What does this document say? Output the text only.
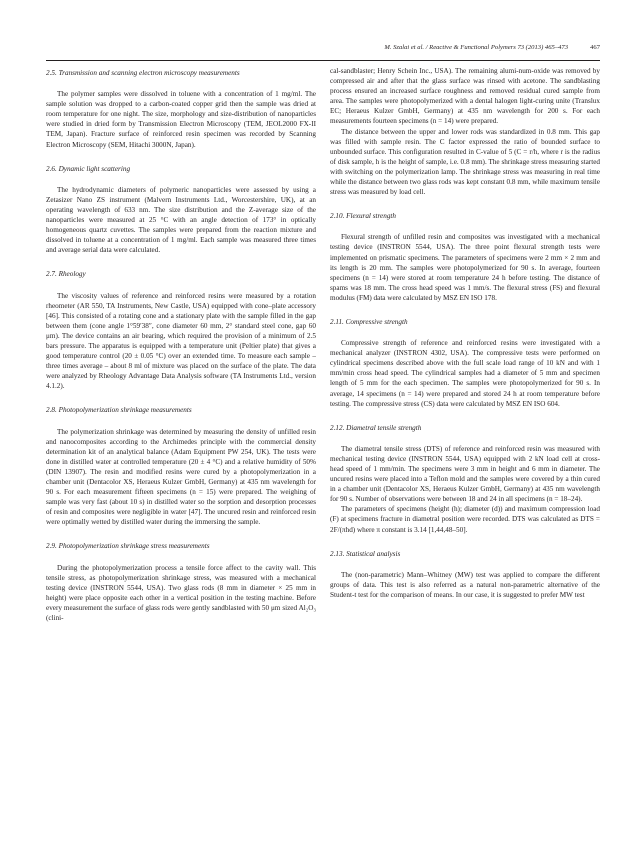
M. Szalai et al. / Reactive & Functional Polymers 73 (2013) 465–473	467
2.5. Transmission and scanning electron microscopy measurements

The polymer samples were dissolved in toluene with a concentration of 1 mg/ml. The sample solution was dropped to a carbon-coated copper grid then the sample was dried at room temperature for one night. The size, morphology and size-distribution of nanoparticles were studied in dried form by Transmission Electron Microscopy (TEM, JEOL2000 FX-II TEM, Japan). Fracture surface of reinforced resin specimen was recorded by Scanning Electron Microscopy (SEM, Hitachi 3000N, Japan).

2.6. Dynamic light scattering

The hydrodynamic diameters of polymeric nanoparticles were assessed by using a Zetasizer Nano ZS instrument (Malvern Instruments Ltd., Worcestershire, UK), at an operating wavelength of 633 nm. The size distribution and the Z-average size of the nanoparticles were measured at 25 °C with an angle detection of 173° in optically homogeneous quartz cuvettes. The samples were prepared from the reaction mixture and dissolved in toluene at a concentration of 1 mg/ml. Each sample was measured three times and average serial data were calculated.

2.7. Rheology

The viscosity values of reference and reinforced resins were measured by a rotation rheometer (AR 550, TA Instruments, New Castle, USA) equipped with cone–plate accessory [46]. This consisted of a rotating cone and a stationary plate with the sample filled in the gap between them (cone angle 1°59′38″, cone diameter 60 mm, 2° standard steel cone, gap 60 μm). The device contains an air bearing, which required the provision of a minimum of 2.5 bars pressure. The apparatus is equipped with a temperature unit (Peltier plate) that gives a good temperature control (20 ± 0.05 °C) over an extended time. To measure each sample – three times average – about 8 ml of mixture was placed on the surface of the plate. The data were analyzed by Rheology Advantage Data Analysis software (TA Instruments Ltd., version 4.1.2).

2.8. Photopolymerization shrinkage measurements

The polymerization shrinkage was determined by measuring the density of unfilled resin and nanocomposites according to the Archimedes principle with the commercial density determination kit of an analytical balance (Adam Equipment PW 254, UK). The tests were done in distilled water at controlled temperature (20 ± 4 °C) and a relative humidity of 50% (DIN 13907). The resin and modified resins were cured by a photopolymerization in a chamber unit (Dentacolor XS, Heraeus Kulzer GmbH, Germany) at 435 nm wavelength for 90 s. For each measurement fifteen specimens (n = 15) were prepared. The weighing of sample was very fast (about 10 s) in distilled water so the sorption and desorption processes of resin and composites were negligible in water [47]. The uncured resin and reinforced resin were optimally wetted by distilled water during the immersing the sample.

2.9. Photopolymerization shrinkage stress measurements

During the photopolymerization process a tensile force affect to the cavity wall. This tensile stress, as photopolymerization shrinkage stress, was measured with a mechanical testing device (INSTRON 5544, USA). Two glass rods (8 mm in diameter × 25 mm in height) were place opposite each other in a vertical position in the testing machine. Before every measurement the surface of glass rods were gently sandblasted with 50 μm sized Al₂O₃ (clini-

cal-sandblaster; Henry Schein Inc., USA). The remaining alumi-num-oxide was removed by compressed air and after that the glass surface was rinsed with acetone. The sandblasting process ensured an increased surface roughness and removed residual cured sample from area. The samples were photopolymerized with a dental halogen light-curing unite (Translux EC; Heraeus Kulzer GmbH, Germany) at 435 nm wavelength for 200 s. For each measurements fourteen specimens (n = 14) were prepared.

The distance between the upper and lower rods was standardized in 0.8 mm. This gap was filled with sample resin. The C factor expressed the ratio of bounded surface to unbounded surface. This configuration resulted in C-value of 5 (C = r/h, where r is the radius of disk sample, h is the height of sample, i.e. 0.8 mm). The shrinkage stress measuring started with switching on the polymerization lamp. The shrinkage stress was measuring in real time while the distance between two glass rods was kept constant 0.8 mm, while maximum tensile stress was measured by load cell.

2.10. Flexural strength

Flexural strength of unfilled resin and composites was investigated with a mechanical testing device (INSTRON 5544, USA). The three point flexural strength tests were implemented on prismatic specimens. The parameters of specimens were 2 mm × 2 mm and its length is 20 mm. The samples were photopolymerized for 90 s. In average, fourteen specimens (n = 14) were stored at room temperature 24 h before testing. The distance of spams was 18 mm. The cross head speed was 1 mm/s. The flexural stress (FS) and flexural modulus (FM) data were calculated by MSZ EN ISO 178.

2.11. Compressive strength

Compressive strength of reference and reinforced resins were investigated with a mechanical analyzer (INSTRON 4302, USA). The compressive tests were performed on cylindrical specimens described above with the full scale load range of 10 kN and with 1 mm/min cross head speed. The cylindrical samples had a diameter of 5 mm and specimen length of 5 mm for the each specimen. The samples were photopolymerized for 90 s. In average, 14 specimens (n = 14) were prepared and stored 24 h at room temperature before testing. The compressive stress (CS) data were calculated by MSZ EN ISO 604.

2.12. Diametral tensile strength

The diametral tensile stress (DTS) of reference and reinforced resin was measured with mechanical testing device (INSTRON 5544, USA) equipped with 2 kN load cell at cross-head speed of 1 mm/min. The specimens were 3 mm in height and 6 mm in diameter. The uncured resins were placed into a Teflon mold and the samples were covered by a thin cured in a chamber unit (Dentacolor XS, Heraeus Kulzer GmbH, Germany) at 435 nm wavelength for 90 s. Number of observations were between 18 and 24 in all specimens (n = 18–24).

The parameters of specimens (height (h); diameter (d)) and maximum compression load (F) at specimens fracture in diametral position were recorded. DTS was calculated as DTS = 2F/(πhd) where π constant is 3.14 [1,44,48–50].

2.13. Statistical analysis

The (non-parametric) Mann–Whitney (MW) test was applied to compare the different groups of data. This test is also referred as a natural non-parametric alternative of the Student-t test for the comparison of means. In our case, it is suggested to prefer MW test
